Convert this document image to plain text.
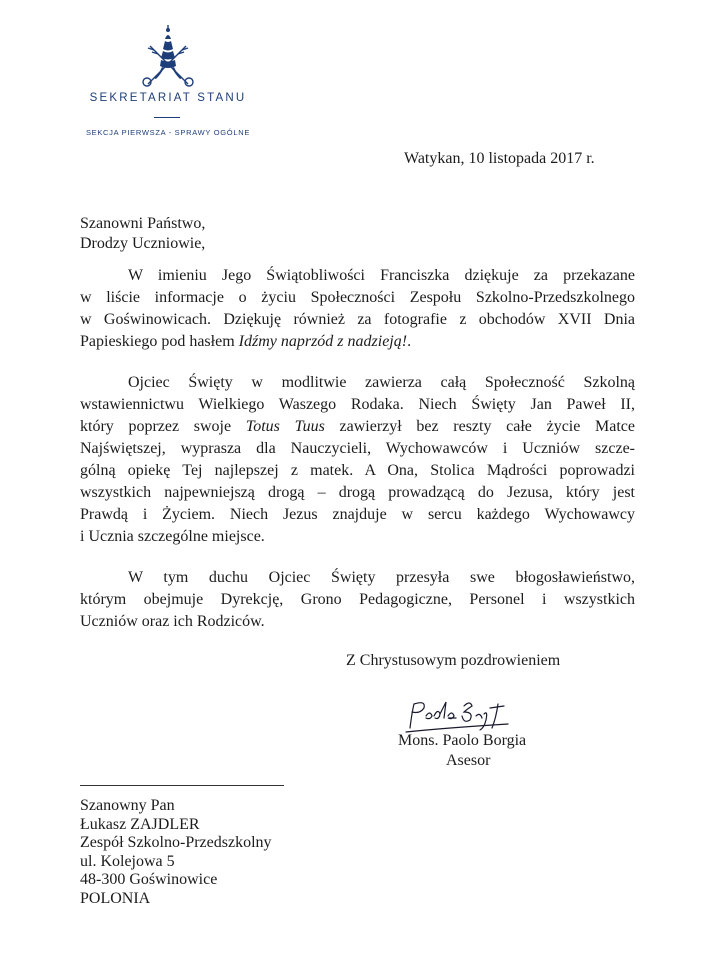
SEKRETARIAT STANU
SEKCJA PIERWSZA - SPRAWY OGÓLNE
Watykan, 10 listopada 2017 r.
Szanowni Państwo,
Drodzy Uczniowie,
W imieniu Jego Świątobliwości Franciszka dziękuje za przekazane
w liście informacje o życiu Społeczności Zespołu Szkolno-Przedszkolnego
w Goświnowicach. Dziękuję również za fotografie z obchodów XVII Dnia
Papieskiego pod hasłem Idźmy naprzód z nadzieją!.
Ojciec Święty w modlitwie zawierza całą Społeczność Szkolną
wstawiennictwu Wielkiego Waszego Rodaka. Niech Święty Jan Paweł II,
który poprzez swoje Totus Tuus zawierzył bez reszty całe życie Matce
Najświętszej, wyprasza dla Nauczycieli, Wychowawców i Uczniów szcze-
gólną opiekę Tej najlepszej z matek. A Ona, Stolica Mądrości poprowadzi
wszystkich najpewniejszą drogą – drogą prowadzącą do Jezusa, który jest
Prawdą i Życiem. Niech Jezus znajduje w sercu każdego Wychowawcy
i Ucznia szczególne miejsce.
W tym duchu Ojciec Święty przesyła swe błogosławieństwo,
którym obejmuje Dyrekcję, Grono Pedagogiczne, Personel i wszystkich
Uczniów oraz ich Rodziców.
Z Chrystusowym pozdrowieniem
Mons. Paolo Borgia
Asesor
Szanowny Pan
Łukasz ZAJDLER
Zespół Szkolno-Przedszkolny
ul. Kolejowa 5
48-300 Goświnowice
POLONIA
